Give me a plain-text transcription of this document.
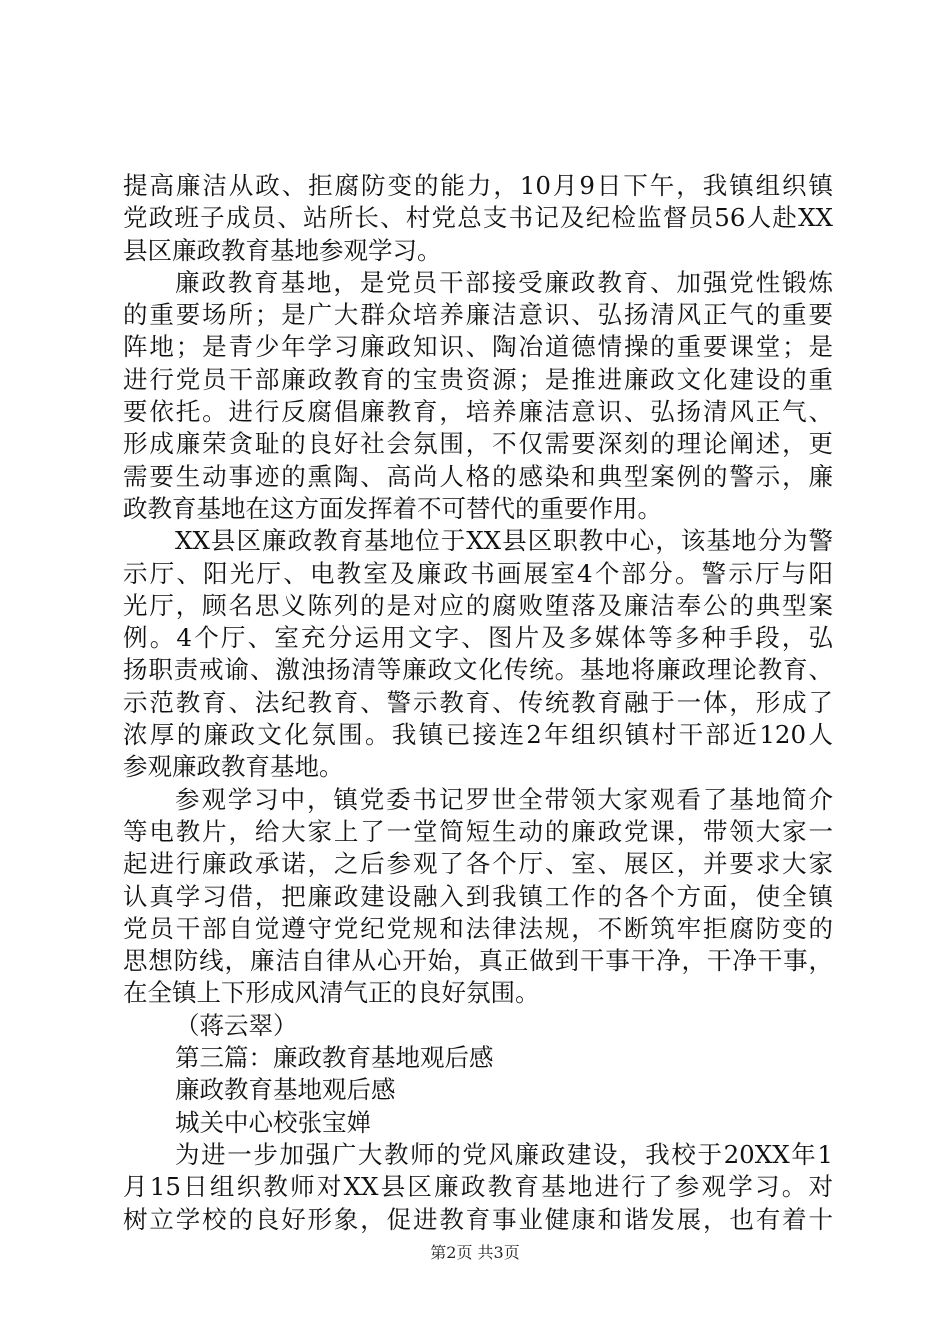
提高廉洁从政、拒腐防变的能力，10月9日下午，我镇组织镇
党政班子成员、站所长、村党总支书记及纪检监督员56人赴XX
县区廉政教育基地参观学习。
廉政教育基地，是党员干部接受廉政教育、加强党性锻炼
的重要场所；是广大群众培养廉洁意识、弘扬清风正气的重要
阵地；是青少年学习廉政知识、陶冶道德情操的重要课堂；是
进行党员干部廉政教育的宝贵资源；是推进廉政文化建设的重
要依托。进行反腐倡廉教育，培养廉洁意识、弘扬清风正气、
形成廉荣贪耻的良好社会氛围，不仅需要深刻的理论阐述，更
需要生动事迹的熏陶、高尚人格的感染和典型案例的警示，廉
政教育基地在这方面发挥着不可替代的重要作用。
XX县区廉政教育基地位于XX县区职教中心，该基地分为警
示厅、阳光厅、电教室及廉政书画展室4个部分。警示厅与阳
光厅，顾名思义陈列的是对应的腐败堕落及廉洁奉公的典型案
例。4个厅、室充分运用文字、图片及多媒体等多种手段，弘
扬职责戒谕、激浊扬清等廉政文化传统。基地将廉政理论教育、
示范教育、法纪教育、警示教育、传统教育融于一体，形成了
浓厚的廉政文化氛围。我镇已接连2年组织镇村干部近120人
参观廉政教育基地。
参观学习中，镇党委书记罗世全带领大家观看了基地简介
等电教片，给大家上了一堂简短生动的廉政党课，带领大家一
起进行廉政承诺，之后参观了各个厅、室、展区，并要求大家
认真学习借，把廉政建设融入到我镇工作的各个方面，使全镇
党员干部自觉遵守党纪党规和法律法规，不断筑牢拒腐防变的
思想防线，廉洁自律从心开始，真正做到干事干净，干净干事，
在全镇上下形成风清气正的良好氛围。
（蒋云翠）
第三篇：廉政教育基地观后感
廉政教育基地观后感
城关中心校张宝婵
为进一步加强广大教师的党风廉政建设，我校于20XX年1
月15日组织教师对XX县区廉政教育基地进行了参观学习。对
树立学校的良好形象，促进教育事业健康和谐发展，也有着十
第2页 共3页
